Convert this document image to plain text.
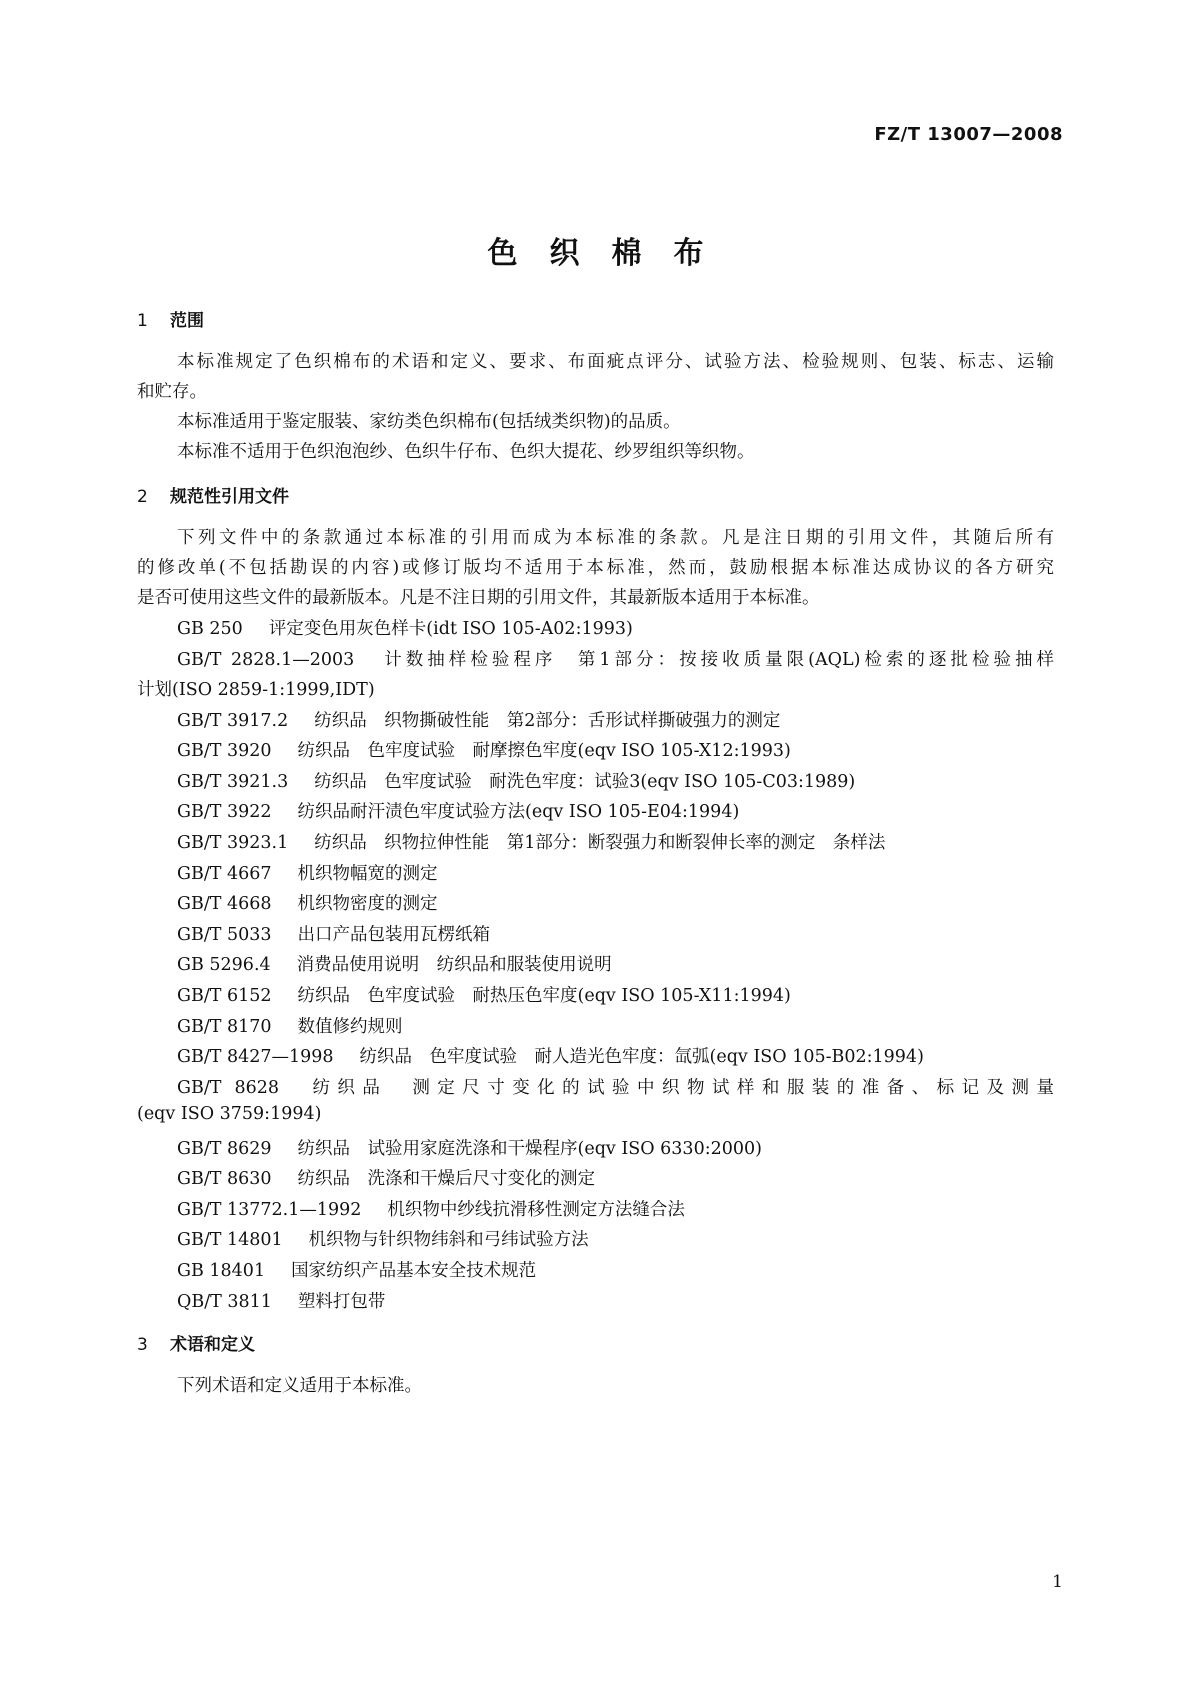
FZ/T 13007—2008
色织棉布
1 范围
本标准规定了色织棉布的术语和定义、要求、布面疵点评分、试验方法、检验规则、包装、标志、运输
和贮存。
本标准适用于鉴定服装、家纺类色织棉布(包括绒类织物)的品质。
本标准不适用于色织泡泡纱、色织牛仔布、色织大提花、纱罗组织等织物。
2 规范性引用文件
下列文件中的条款通过本标准的引用而成为本标准的条款。凡是注日期的引用文件，其随后所有
的修改单(不包括勘误的内容)或修订版均不适用于本标准，然而，鼓励根据本标准达成协议的各方研究
是否可使用这些文件的最新版本。凡是不注日期的引用文件，其最新版本适用于本标准。
GB 250 评定变色用灰色样卡(idt ISO 105-A02:1993)
GB/T 2828.1—2003 计数抽样检验程序　第1部分：按接收质量限(AQL)检索的逐批检验抽样
计划(ISO 2859-1:1999,IDT)
GB/T 3917.2 纺织品　织物撕破性能　第2部分：舌形试样撕破强力的测定
GB/T 3920 纺织品　色牢度试验　耐摩擦色牢度(eqv ISO 105-X12:1993)
GB/T 3921.3 纺织品　色牢度试验　耐洗色牢度：试验3(eqv ISO 105-C03:1989)
GB/T 3922 纺织品耐汗渍色牢度试验方法(eqv ISO 105-E04:1994)
GB/T 3923.1 纺织品　织物拉伸性能　第1部分：断裂强力和断裂伸长率的测定　条样法
GB/T 4667 机织物幅宽的测定
GB/T 4668 机织物密度的测定
GB/T 5033 出口产品包装用瓦楞纸箱
GB 5296.4 消费品使用说明　纺织品和服装使用说明
GB/T 6152 纺织品　色牢度试验　耐热压色牢度(eqv ISO 105-X11:1994)
GB/T 8170 数值修约规则
GB/T 8427—1998 纺织品　色牢度试验　耐人造光色牢度：氙弧(eqv ISO 105-B02:1994)
GB/T 8628 纺织品　测定尺寸变化的试验中织物试样和服装的准备、标记及测量
(eqv ISO 3759:1994)
GB/T 8629 纺织品　试验用家庭洗涤和干燥程序(eqv ISO 6330:2000)
GB/T 8630 纺织品　洗涤和干燥后尺寸变化的测定
GB/T 13772.1—1992 机织物中纱线抗滑移性测定方法缝合法
GB/T 14801 机织物与针织物纬斜和弓纬试验方法
GB 18401 国家纺织产品基本安全技术规范
QB/T 3811 塑料打包带
3 术语和定义
下列术语和定义适用于本标准。
1
